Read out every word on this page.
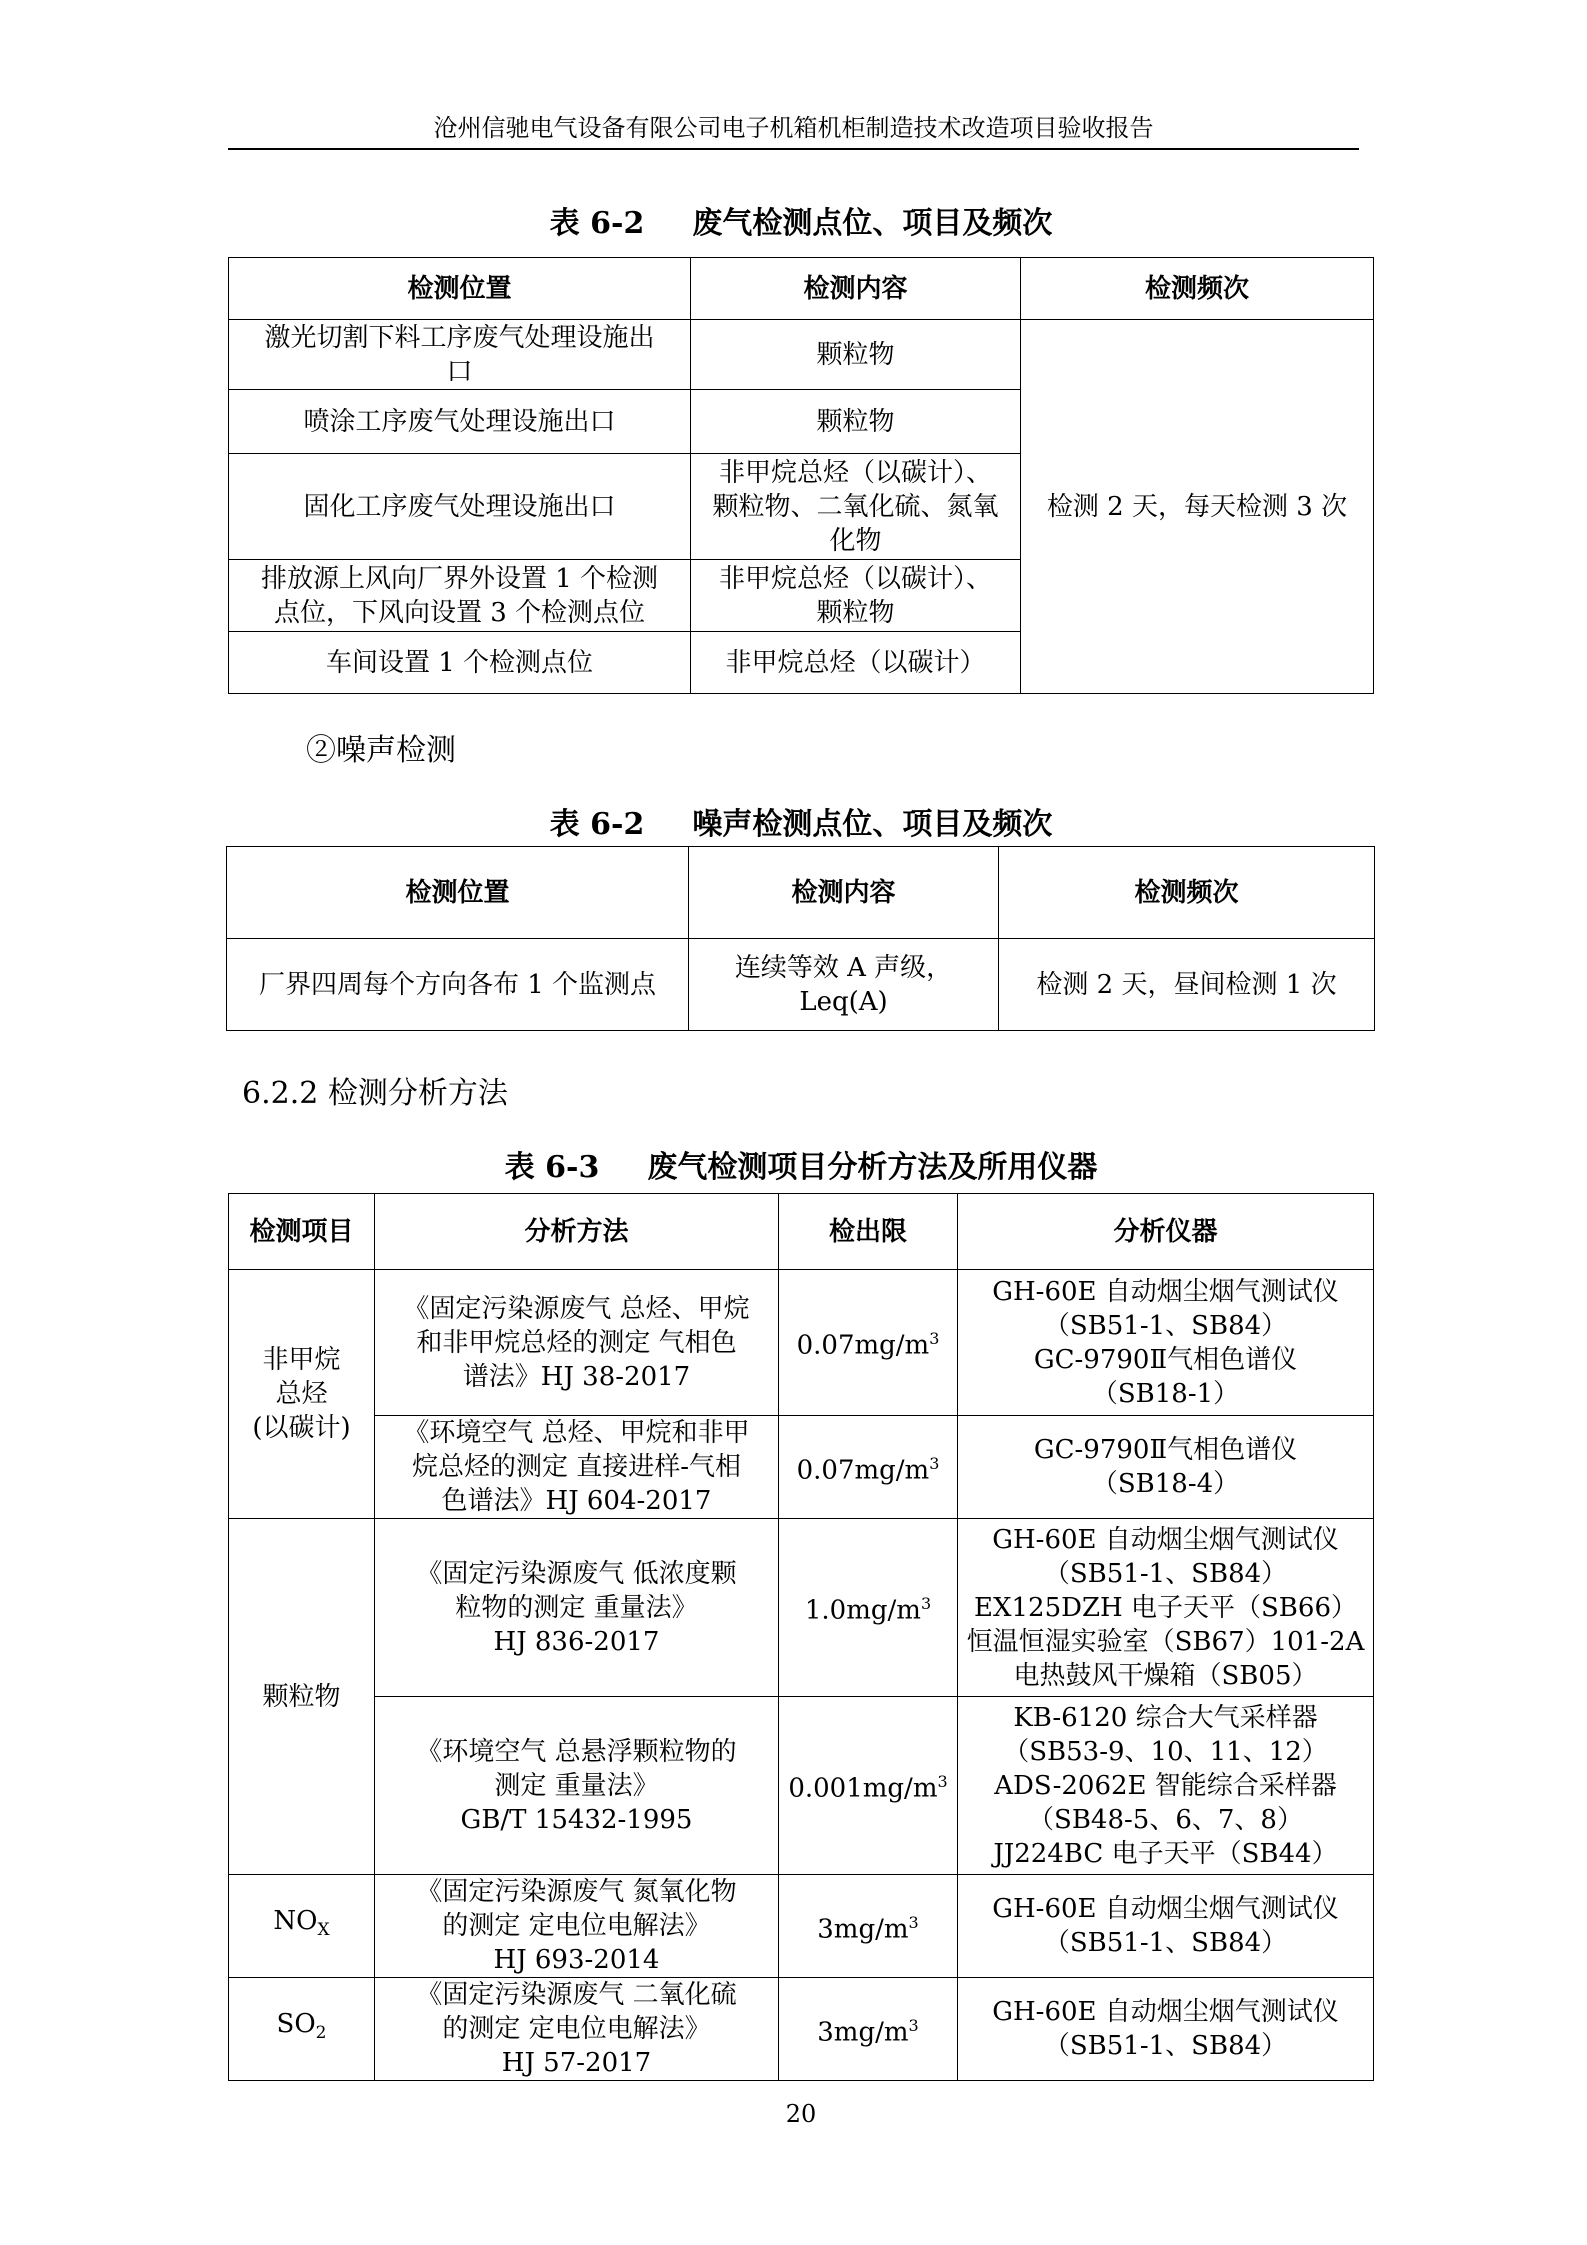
沧州信驰电气设备有限公司电子机箱机柜制造技术改造项目验收报告
表 6-2 废气检测点位、项目及频次
检测位置	检测内容	检测频次
激光切割下料工序废气处理设施出
口	颗粒物	检测 2 天，每天检测 3 次
喷涂工序废气处理设施出口	颗粒物	
固化工序废气处理设施出口	非甲烷总烃（以碳计）、
颗粒物、二氧化硫、氮氧
化物	
排放源上风向厂界外设置 1 个检测
点位，下风向设置 3 个检测点位	非甲烷总烃（以碳计）、
颗粒物	
车间设置 1 个检测点位	非甲烷总烃（以碳计）	
②噪声检测
表 6-2 噪声检测点位、项目及频次
检测位置	检测内容	检测频次
厂界四周每个方向各布 1 个监测点	连续等效 A 声级，
Leq(A)	检测 2 天，昼间检测 1 次
6.2.2 检测分析方法
表 6-3 废气检测项目分析方法及所用仪器
检测项目	分析方法	检出限	分析仪器
非甲烷
总烃
(以碳计)	《固定污染源废气 总烃、甲烷
和非甲烷总烃的测定 气相色
谱法》HJ 38-2017	$0.07mg/m^3$	GH-60E 自动烟尘烟气测试仪
（SB51-1、SB84）
GC-9790Ⅱ气相色谱仪
（SB18-1）
	《环境空气 总烃、甲烷和非甲
烷总烃的测定 直接进样-气相
色谱法》HJ 604-2017	$0.07mg/m^3$	GC-9790Ⅱ气相色谱仪
（SB18-4）
颗粒物	《固定污染源废气 低浓度颗
粒物的测定 重量法》
HJ 836-2017	$1.0mg/m^3$	GH-60E 自动烟尘烟气测试仪
（SB51-1、SB84）
EX125DZH 电子天平（SB66）
恒温恒湿实验室（SB67）101-2A
电热鼓风干燥箱（SB05）
	《环境空气 总悬浮颗粒物的
测定 重量法》
GB/T 15432-1995	$0.001mg/m^3$	KB-6120 综合大气采样器
（SB53-9、10、11、12）
ADS-2062E 智能综合采样器
（SB48-5、6、7、8）
JJ224BC 电子天平（SB44）
$NO_X$	《固定污染源废气 氮氧化物
的测定 定电位电解法》
HJ 693-2014	$3mg/m^3$	GH-60E 自动烟尘烟气测试仪
（SB51-1、SB84）
$SO_2$	《固定污染源废气 二氧化硫
的测定 定电位电解法》
HJ 57-2017	$3mg/m^3$	GH-60E 自动烟尘烟气测试仪
（SB51-1、SB84）
20
